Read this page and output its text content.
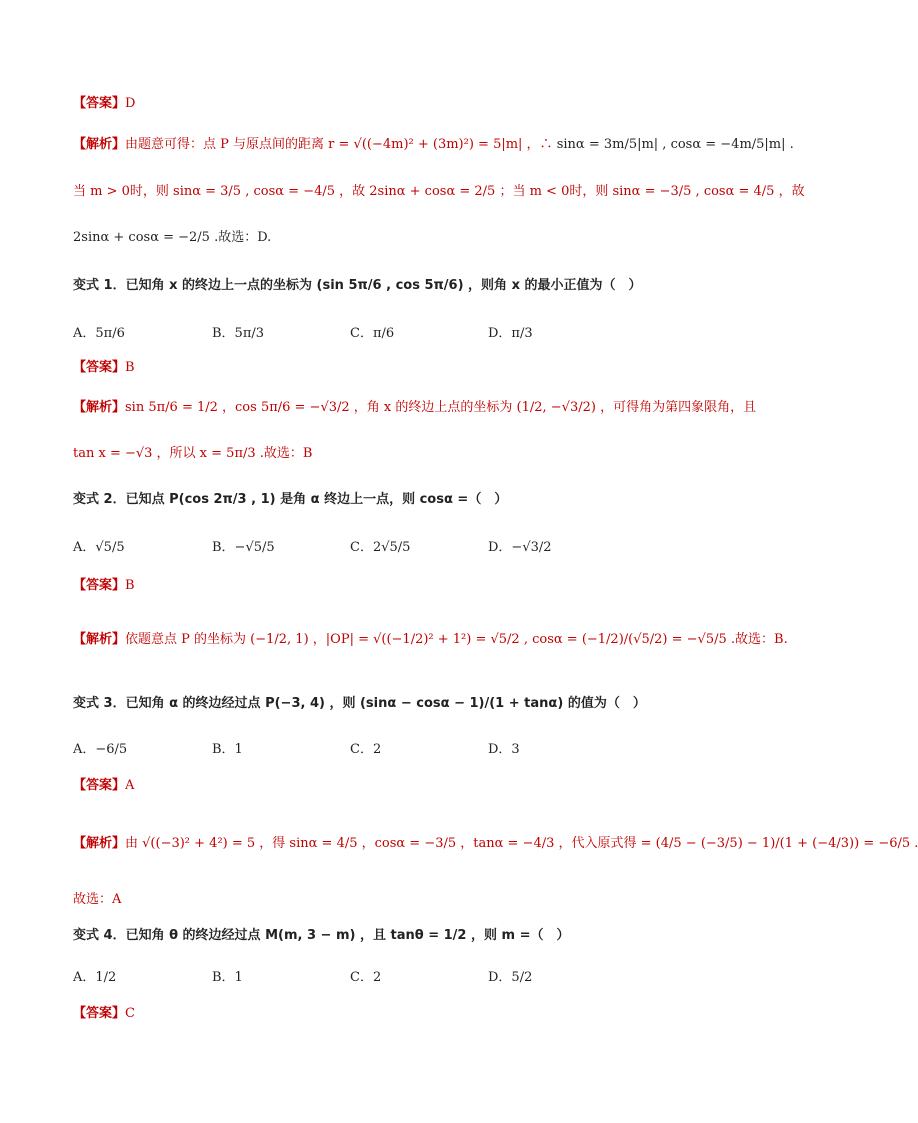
【答案】D
【解析】由题意可得：点 P 与原点间的距离 r = √((−4m)² + (3m)²) = 5|m| ，∴ sinα = 3m/5|m| , cosα = −4m/5|m| .
当 m > 0时，则 sinα = 3/5 , cosα = −4/5 ，故 2sinα + cosα = 2/5 ；当 m < 0时，则 sinα = −3/5 , cosα = 4/5 ，故
2sinα + cosα = −2/5 .故选：D.
变式 1．已知角 x 的终边上一点的坐标为 (sin 5π/6 , cos 5π/6) ，则角 x 的最小正值为（　）
A．5π/6	B．5π/3	C．π/6	D．π/3
【答案】B
【解析】sin 5π/6 = 1/2 ，cos 5π/6 = −√3/2 ，角 x 的终边上点的坐标为 (1/2, −√3/2) ，可得角为第四象限角，且
tan x = −√3 ，所以 x = 5π/3 .故选：B
变式 2．已知点 P(cos 2π/3 , 1) 是角 α 终边上一点，则 cosα =（　）
A．√5/5	B．−√5/5	C．2√5/5	D．−√3/2
【答案】B
【解析】依题意点 P 的坐标为 (−1/2, 1) ，|OP| = √((−1/2)² + 1²) = √5/2 , cosα = (−1/2)/(√5/2) = −√5/5 .故选：B.
变式 3．已知角 α 的终边经过点 P(−3, 4) ，则 (sinα − cosα − 1)/(1 + tanα) 的值为（　）
A．−6/5	B．1	C．2	D．3
【答案】A
【解析】由 √((−3)² + 4²) = 5 ，得 sinα = 4/5 ，cosα = −3/5 ，tanα = −4/3 ，代入原式得 = (4/5 − (−3/5) − 1)/(1 + (−4/3)) = −6/5 .
故选：A
变式 4．已知角 θ 的终边经过点 M(m, 3 − m) ，且 tanθ = 1/2 ，则 m =（　）
A．1/2	B．1	C．2	D．5/2
【答案】C
